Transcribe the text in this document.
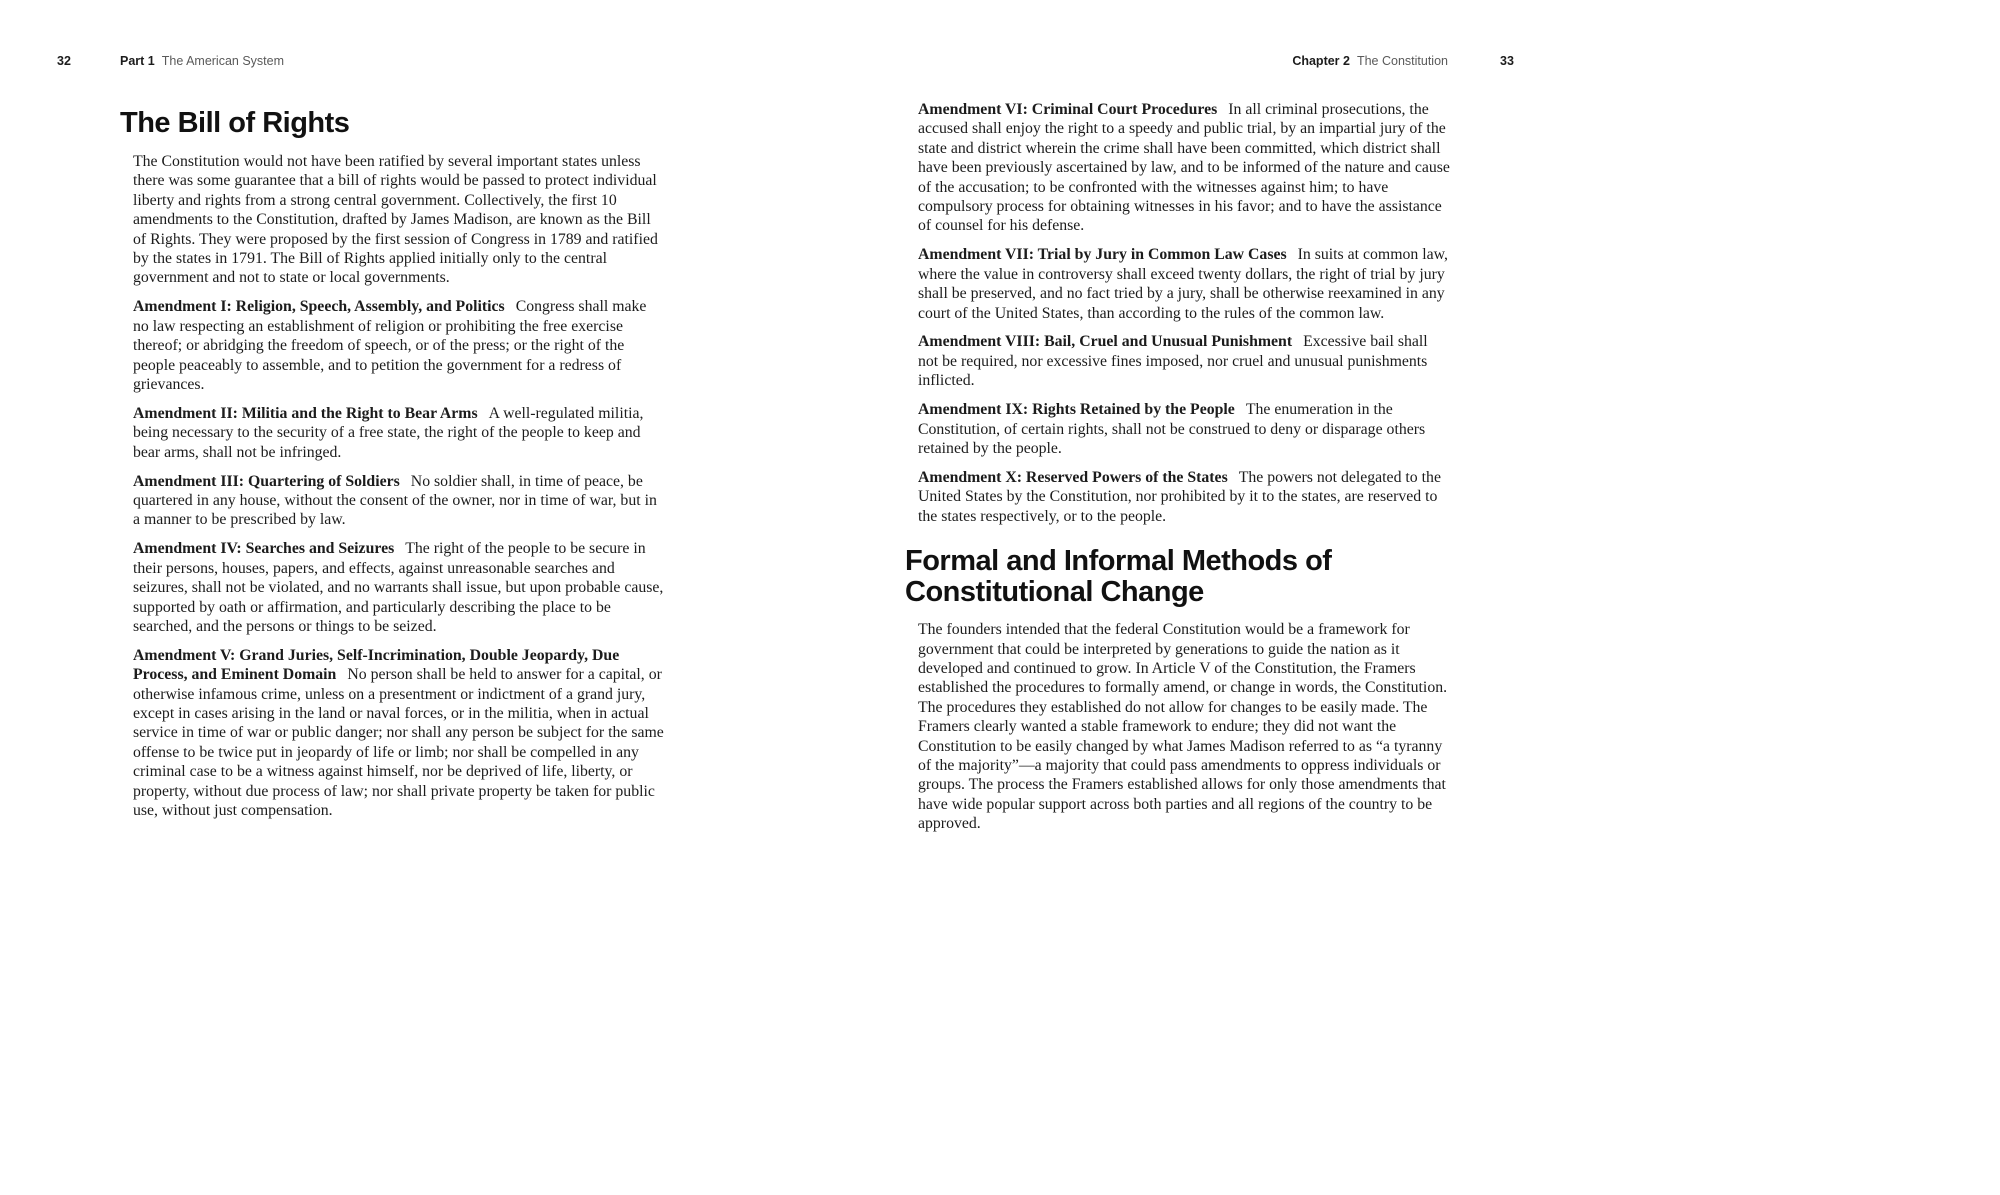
32	Part 1 The American System	Chapter 2 The Constitution	33
The Bill of Rights

The Constitution would not have been ratified by several important states unless there was some guarantee that a bill of rights would be passed to protect individual liberty and rights from a strong central government. Collectively, the first 10 amendments to the Constitution, drafted by James Madison, are known as the Bill of Rights. They were proposed by the first session of Congress in 1789 and ratified by the states in 1791. The Bill of Rights applied initially only to the central government and not to state or local governments.

Amendment I: Religion, Speech, Assembly, and Politics Congress shall make no law respecting an establishment of religion or prohibiting the free exercise thereof; or abridging the freedom of speech, or of the press; or the right of the people peaceably to assemble, and to petition the government for a redress of grievances.

Amendment II: Militia and the Right to Bear Arms A well-regulated militia, being necessary to the security of a free state, the right of the people to keep and bear arms, shall not be infringed.

Amendment III: Quartering of Soldiers No soldier shall, in time of peace, be quartered in any house, without the consent of the owner, nor in time of war, but in a manner to be prescribed by law.

Amendment IV: Searches and Seizures The right of the people to be secure in their persons, houses, papers, and effects, against unreasonable searches and seizures, shall not be violated, and no warrants shall issue, but upon probable cause, supported by oath or affirmation, and particularly describing the place to be searched, and the persons or things to be seized.

Amendment V: Grand Juries, Self-Incrimination, Double Jeopardy, Due Process, and Eminent Domain No person shall be held to answer for a capital, or otherwise infamous crime, unless on a presentment or indictment of a grand jury, except in cases arising in the land or naval forces, or in the militia, when in actual service in time of war or public danger; nor shall any person be subject for the same offense to be twice put in jeopardy of life or limb; nor shall be compelled in any criminal case to be a witness against himself, nor be deprived of life, liberty, or property, without due process of law; nor shall private property be taken for public use, without just compensation.

Amendment VI: Criminal Court Procedures In all criminal prosecutions, the accused shall enjoy the right to a speedy and public trial, by an impartial jury of the state and district wherein the crime shall have been committed, which district shall have been previously ascertained by law, and to be informed of the nature and cause of the accusation; to be confronted with the witnesses against him; to have compulsory process for obtaining witnesses in his favor; and to have the assistance of counsel for his defense.

Amendment VII: Trial by Jury in Common Law Cases In suits at common law, where the value in controversy shall exceed twenty dollars, the right of trial by jury shall be preserved, and no fact tried by a jury, shall be otherwise reexamined in any court of the United States, than according to the rules of the common law.

Amendment VIII: Bail, Cruel and Unusual Punishment Excessive bail shall not be required, nor excessive fines imposed, nor cruel and unusual punishments inflicted.

Amendment IX: Rights Retained by the People The enumeration in the Constitution, of certain rights, shall not be construed to deny or disparage others retained by the people.

Amendment X: Reserved Powers of the States The powers not delegated to the United States by the Constitution, nor prohibited by it to the states, are reserved to the states respectively, or to the people.

Formal and Informal Methods of Constitutional Change

The founders intended that the federal Constitution would be a framework for government that could be interpreted by generations to guide the nation as it developed and continued to grow. In Article V of the Constitution, the Framers established the procedures to formally amend, or change in words, the Constitution. The procedures they established do not allow for changes to be easily made. The Framers clearly wanted a stable framework to endure; they did not want the Constitution to be easily changed by what James Madison referred to as “a tyranny of the majority”—a majority that could pass amendments to oppress individuals or groups. The process the Framers established allows for only those amendments that have wide popular support across both parties and all regions of the country to be approved.
